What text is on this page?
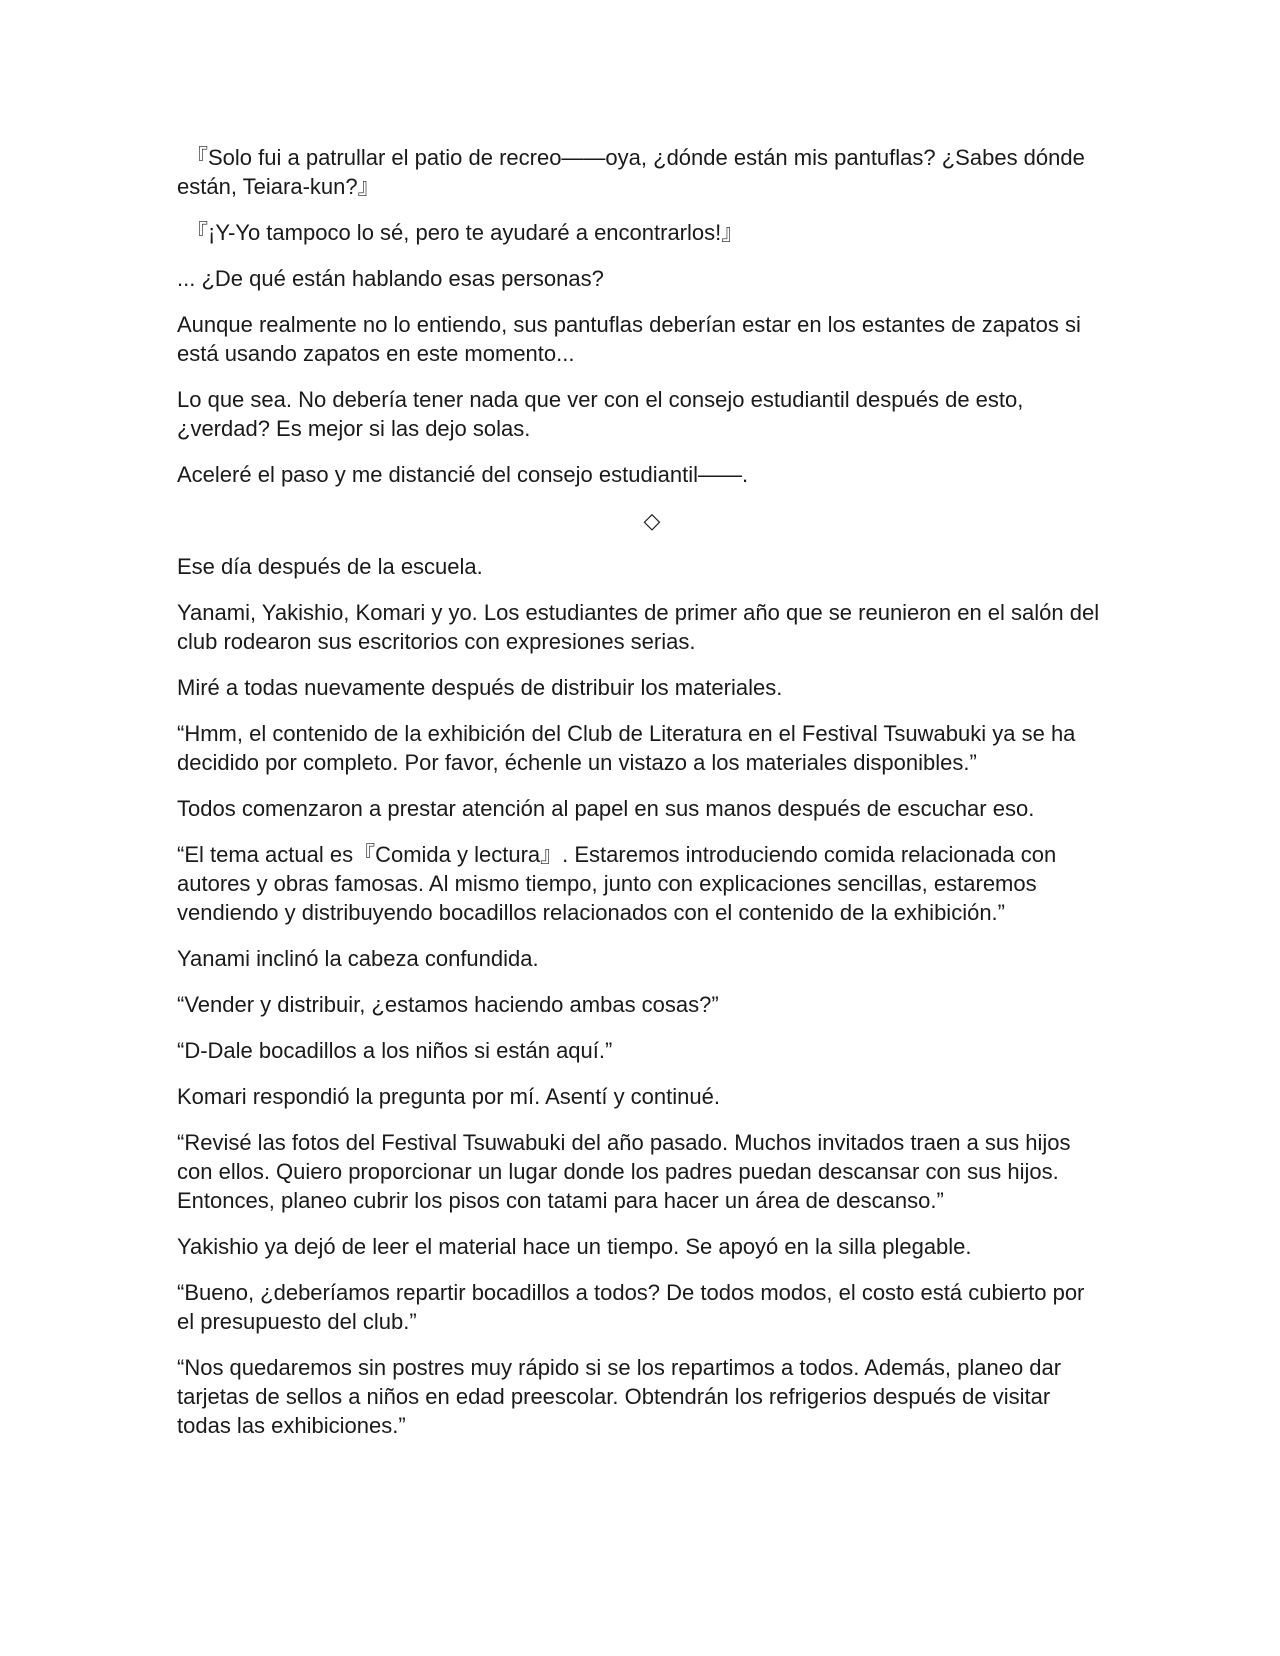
『Solo fui a patrullar el patio de recreo——oya, ¿dónde están mis pantuflas? ¿Sabes dónde están, Teiara-kun?』

『¡Y-Yo tampoco lo sé, pero te ayudaré a encontrarlos!』

... ¿De qué están hablando esas personas?

Aunque realmente no lo entiendo, sus pantuflas deberían estar en los estantes de zapatos si está usando zapatos en este momento...

Lo que sea. No debería tener nada que ver con el consejo estudiantil después de esto, ¿verdad? Es mejor si las dejo solas.

Aceleré el paso y me distancié del consejo estudiantil——.

◇

Ese día después de la escuela.

Yanami, Yakishio, Komari y yo. Los estudiantes de primer año que se reunieron en el salón del club rodearon sus escritorios con expresiones serias.

Miré a todas nuevamente después de distribuir los materiales.

“Hmm, el contenido de la exhibición del Club de Literatura en el Festival Tsuwabuki ya se ha decidido por completo. Por favor, échenle un vistazo a los materiales disponibles.”

Todos comenzaron a prestar atención al papel en sus manos después de escuchar eso.

“El tema actual es『Comida y lectura』. Estaremos introduciendo comida relacionada con autores y obras famosas. Al mismo tiempo, junto con explicaciones sencillas, estaremos vendiendo y distribuyendo bocadillos relacionados con el contenido de la exhibición.”

Yanami inclinó la cabeza confundida.

“Vender y distribuir, ¿estamos haciendo ambas cosas?”

“D-Dale bocadillos a los niños si están aquí.”

Komari respondió la pregunta por mí. Asentí y continué.

“Revisé las fotos del Festival Tsuwabuki del año pasado. Muchos invitados traen a sus hijos con ellos. Quiero proporcionar un lugar donde los padres puedan descansar con sus hijos. Entonces, planeo cubrir los pisos con tatami para hacer un área de descanso.”

Yakishio ya dejó de leer el material hace un tiempo. Se apoyó en la silla plegable.

“Bueno, ¿deberíamos repartir bocadillos a todos? De todos modos, el costo está cubierto por el presupuesto del club.”

“Nos quedaremos sin postres muy rápido si se los repartimos a todos. Además, planeo dar tarjetas de sellos a niños en edad preescolar. Obtendrán los refrigerios después de visitar todas las exhibiciones.”
